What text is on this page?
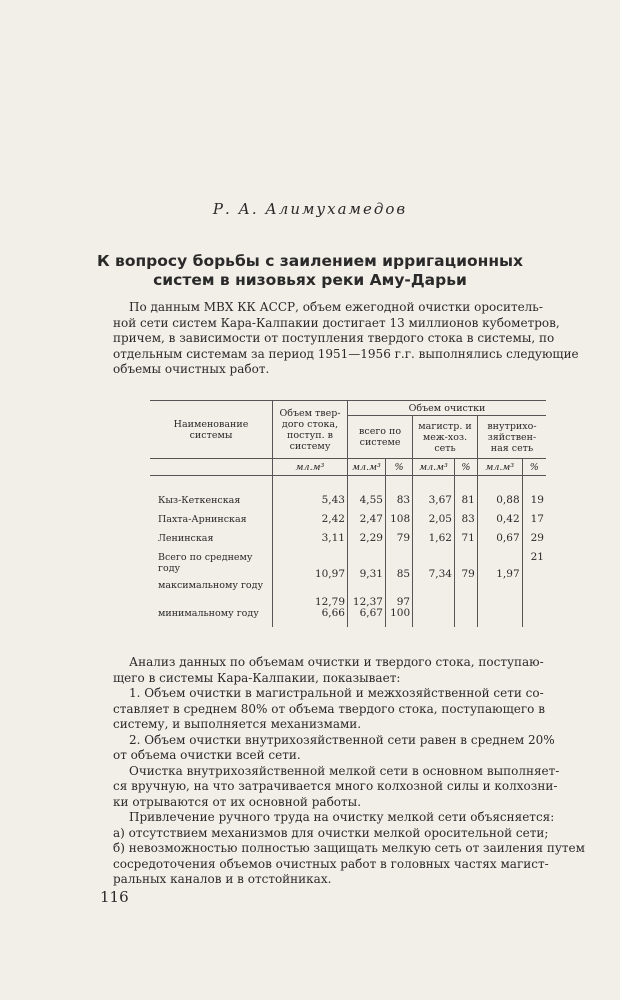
Р. А. Алимухамедов
К вопросу борьбы с заилением ирригационных
систем в низовьях реки Аму-Дарьи
По данным МВХ КК АССР, объем ежегодной очистки ороситель-
ной сети систем Кара-Калпакии достигает 13 миллионов кубометров,
причем, в зависимости от поступления твердого стока в системы, по
отдельным системам за период 1951—1956 г.г. выполнялись следующие
объемы очистных работ.
Наименование системы	Объем твер-дого стока, поступ. в систему	Объем очистки					
		всего по системе		магистр. и меж-хоз. сеть		внутрихо-зяйствен-ная сеть	
	мл.м³	мл.м³	%	мл.м³	%	мл.м³	%

Кыз-Кеткенская	5,43	4,55	83	3,67	81	0,88	19
Пахта-Арнинская	2,42	2,47	108	2,05	83	0,42	17
Ленинская	3,11	2,29	79	1,62	71	0,67	29
Всего по среднему году	10,97	9,31	85	7,34	79	1,97	21
максимальному году	12,79	12,37	97				
минимальному году	6,66	6,67	100				
Анализ данных по объемам очистки и твердого стока, поступаю-
щего в системы Кара-Калпакии, показывает:
1. Объем очистки в магистральной и межхозяйственной сети со-
ставляет в среднем 80% от объема твердого стока, поступающего в
систему, и выполняется механизмами.
2. Объем очистки внутрихозяйственной сети равен в среднем 20%
от объема очистки всей сети.
Очистка внутрихозяйственной мелкой сети в основном выполняет-
ся вручную, на что затрачивается много колхозной силы и колхозни-
ки отрываются от их основной работы.
Привлечение ручного труда на очистку мелкой сети объясняется:
а) отсутствием механизмов для очистки мелкой оросительной сети;
б) невозможностью полностью защищать мелкую сеть от заиления путем
сосредоточения объемов очистных работ в головных частях магист-
ральных каналов и в отстойниках.
116
